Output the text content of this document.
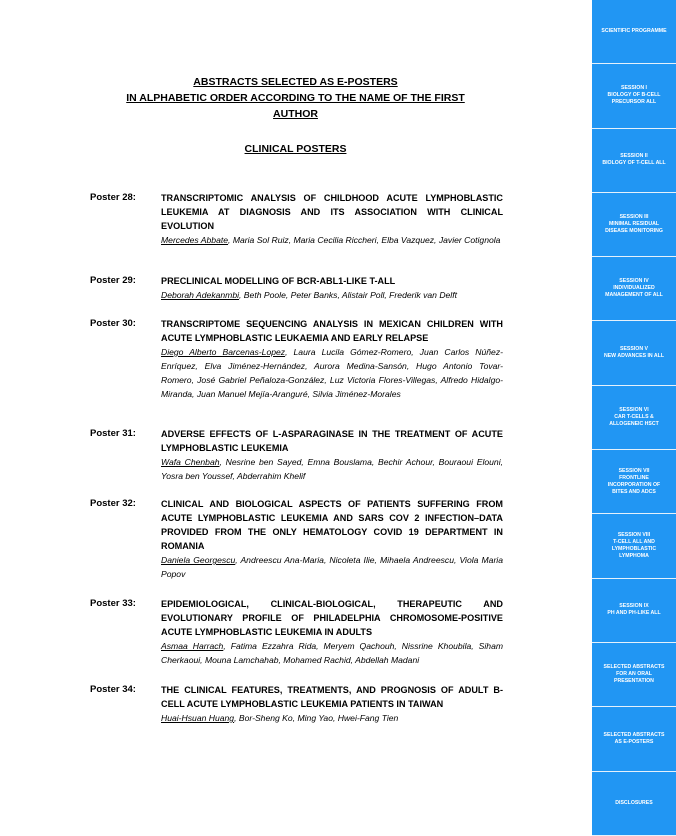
ABSTRACTS SELECTED AS E-POSTERS
IN ALPHABETIC ORDER ACCORDING TO THE NAME OF THE FIRST
AUTHOR
CLINICAL POSTERS
Poster 28:	TRANSCRIPTOMIC ANALYSIS OF CHILDHOOD ACUTE LYMPHOBLASTIC LEUKEMIA AT DIAGNOSIS AND ITS ASSOCIATION WITH CLINICAL EVOLUTION
Mercedes Abbate, Maria Sol Ruiz, Maria Cecilia Riccheri, Elba Vazquez, Javier Cotignola
Poster 29:	PRECLINICAL MODELLING OF BCR-ABL1-LIKE T-ALL
Deborah Adekanmbi, Beth Poole, Peter Banks, Alistair Poll, Frederik van Delft
Poster 30:	TRANSCRIPTOME SEQUENCING ANALYSIS IN MEXICAN CHILDREN WITH ACUTE LYMPHOBLASTIC LEUKAEMIA AND EARLY RELAPSE
Diego Alberto Barcenas-Lopez, Laura Lucila Gómez-Romero, Juan Carlos Núñez-Enríquez, Elva Jiménez-Hernández, Aurora Medina-Sansón, Hugo Antonio Tovar-Romero, José Gabriel Peñaloza-González, Luz Victoria Flores-Villegas, Alfredo Hidalgo-Miranda, Juan Manuel Mejía-Aranguré, Silvia Jiménez-Morales
Poster 31:	ADVERSE EFFECTS OF L-ASPARAGINASE IN THE TREATMENT OF ACUTE LYMPHOBLASTIC LEUKEMIA
Wafa Chenbah, Nesrine ben Sayed, Emna Bouslama, Bechir Achour, Bouraoui Elouni, Yosra ben Youssef, Abderrahim Khelif
Poster 32:	CLINICAL AND BIOLOGICAL ASPECTS OF PATIENTS SUFFERING FROM ACUTE LYMPHOBLASTIC LEUKEMIA AND SARS COV 2 INFECTION–DATA PROVIDED FROM THE ONLY HEMATOLOGY COVID 19 DEPARTMENT IN ROMANIA
Daniela Georgescu, Andreescu Ana-Maria, Nicoleta Ilie, Mihaela Andreescu, Viola Maria Popov
Poster 33:	EPIDEMIOLOGICAL, CLINICAL-BIOLOGICAL, THERAPEUTIC AND EVOLUTIONARY PROFILE OF PHILADELPHIA CHROMOSOME-POSITIVE ACUTE LYMPHOBLASTIC LEUKEMIA IN ADULTS
Asmaa Harrach, Fatima Ezzahra Rida, Meryem Qachouh, Nissrine Khoubila, Siham Cherkaoui, Mouna Lamchahab, Mohamed Rachid, Abdellah Madani
Poster 34:	THE CLINICAL FEATURES, TREATMENTS, AND PROGNOSIS OF ADULT B-CELL ACUTE LYMPHOBLASTIC LEUKEMIA PATIENTS IN TAIWAN
Huai-Hsuan Huang, Bor-Sheng Ko, Ming Yao, Hwei-Fang Tien
SCIENTIFIC PROGRAMME
SESSION I
BIOLOGY OF B-CELL
PRECURSOR ALL
SESSION II
BIOLOGY OF T-CELL ALL
SESSION III
MINIMAL RESIDUAL
DISEASE MONITORING
SESSION IV
INDIVIDUALIZED
MANAGEMENT OF ALL
SESSION V
NEW ADVANCES IN ALL
SESSION VI
CAR T-CELLS &
ALLOGENEIC HSCT
SESSION VII
FRONTLINE
INCORPORATION OF
BITES AND ADCS
SESSION VIII
T-CELL ALL AND
LYMPHOBLASTIC
LYMPHOMA
SESSION IX
PH AND PH-LIKE ALL
SELECTED ABSTRACTS
FOR AN ORAL
PRESENTATION
SELECTED ABSTRACTS
AS E-POSTERS
DISCLOSURES
